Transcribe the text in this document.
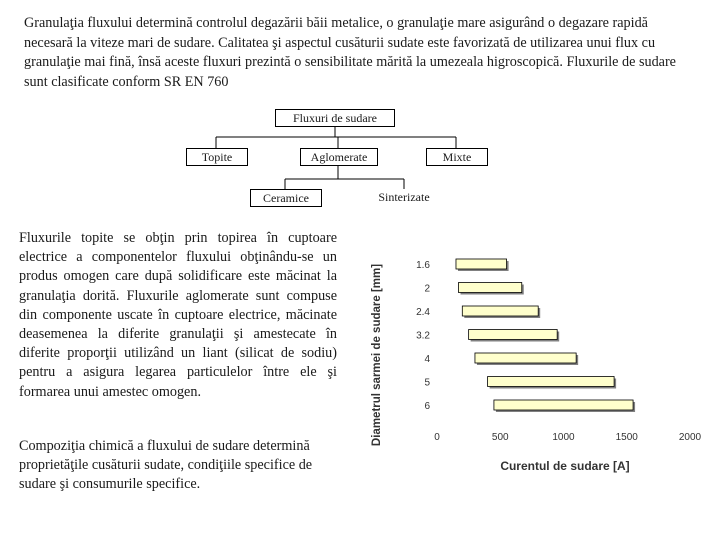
Granulaţia fluxului determină controlul degazării băii metalice, o granulaţie mare asigurând o degazare rapidă necesară la viteze mari de sudare. Calitatea şi aspectul cusăturii sudate este favorizată de utilizarea unui flux cu granulaţie mai fină, însă aceste fluxuri prezintă o sensibilitate mărită la umezeala higroscopică. Fluxurile de sudare sunt clasificate conform SR EN 760

Fluxuri de sudare
Topite	Aglomerate	Mixte
Ceramice	Sinterizate

Fluxurile topite se obţin prin topirea în cuptoare electrice a componentelor fluxului obţinându-se un produs omogen care după solidificare este măcinat la granulaţia dorită. Fluxurile aglomerate sunt compuse din componente uscate în cuptoare electrice, măcinate deasemenea la diferite granulaţii şi amestecate în diferite proporţii utilizând un liant (silicat de sodiu) pentru a asigura legarea particulelor între ele şi formarea unui amestec omogen.

Compoziţia chimică a fluxului de sudare determină proprietăţile cusăturii sudate, condiţiile specifice de sudare şi consumurile specifice.

Diametrul sarmei de sudare [mm]	1.6
2
2.4
3.2
4
5
6
0	500	1000	1500	2000
Curentul de sudare [A]
